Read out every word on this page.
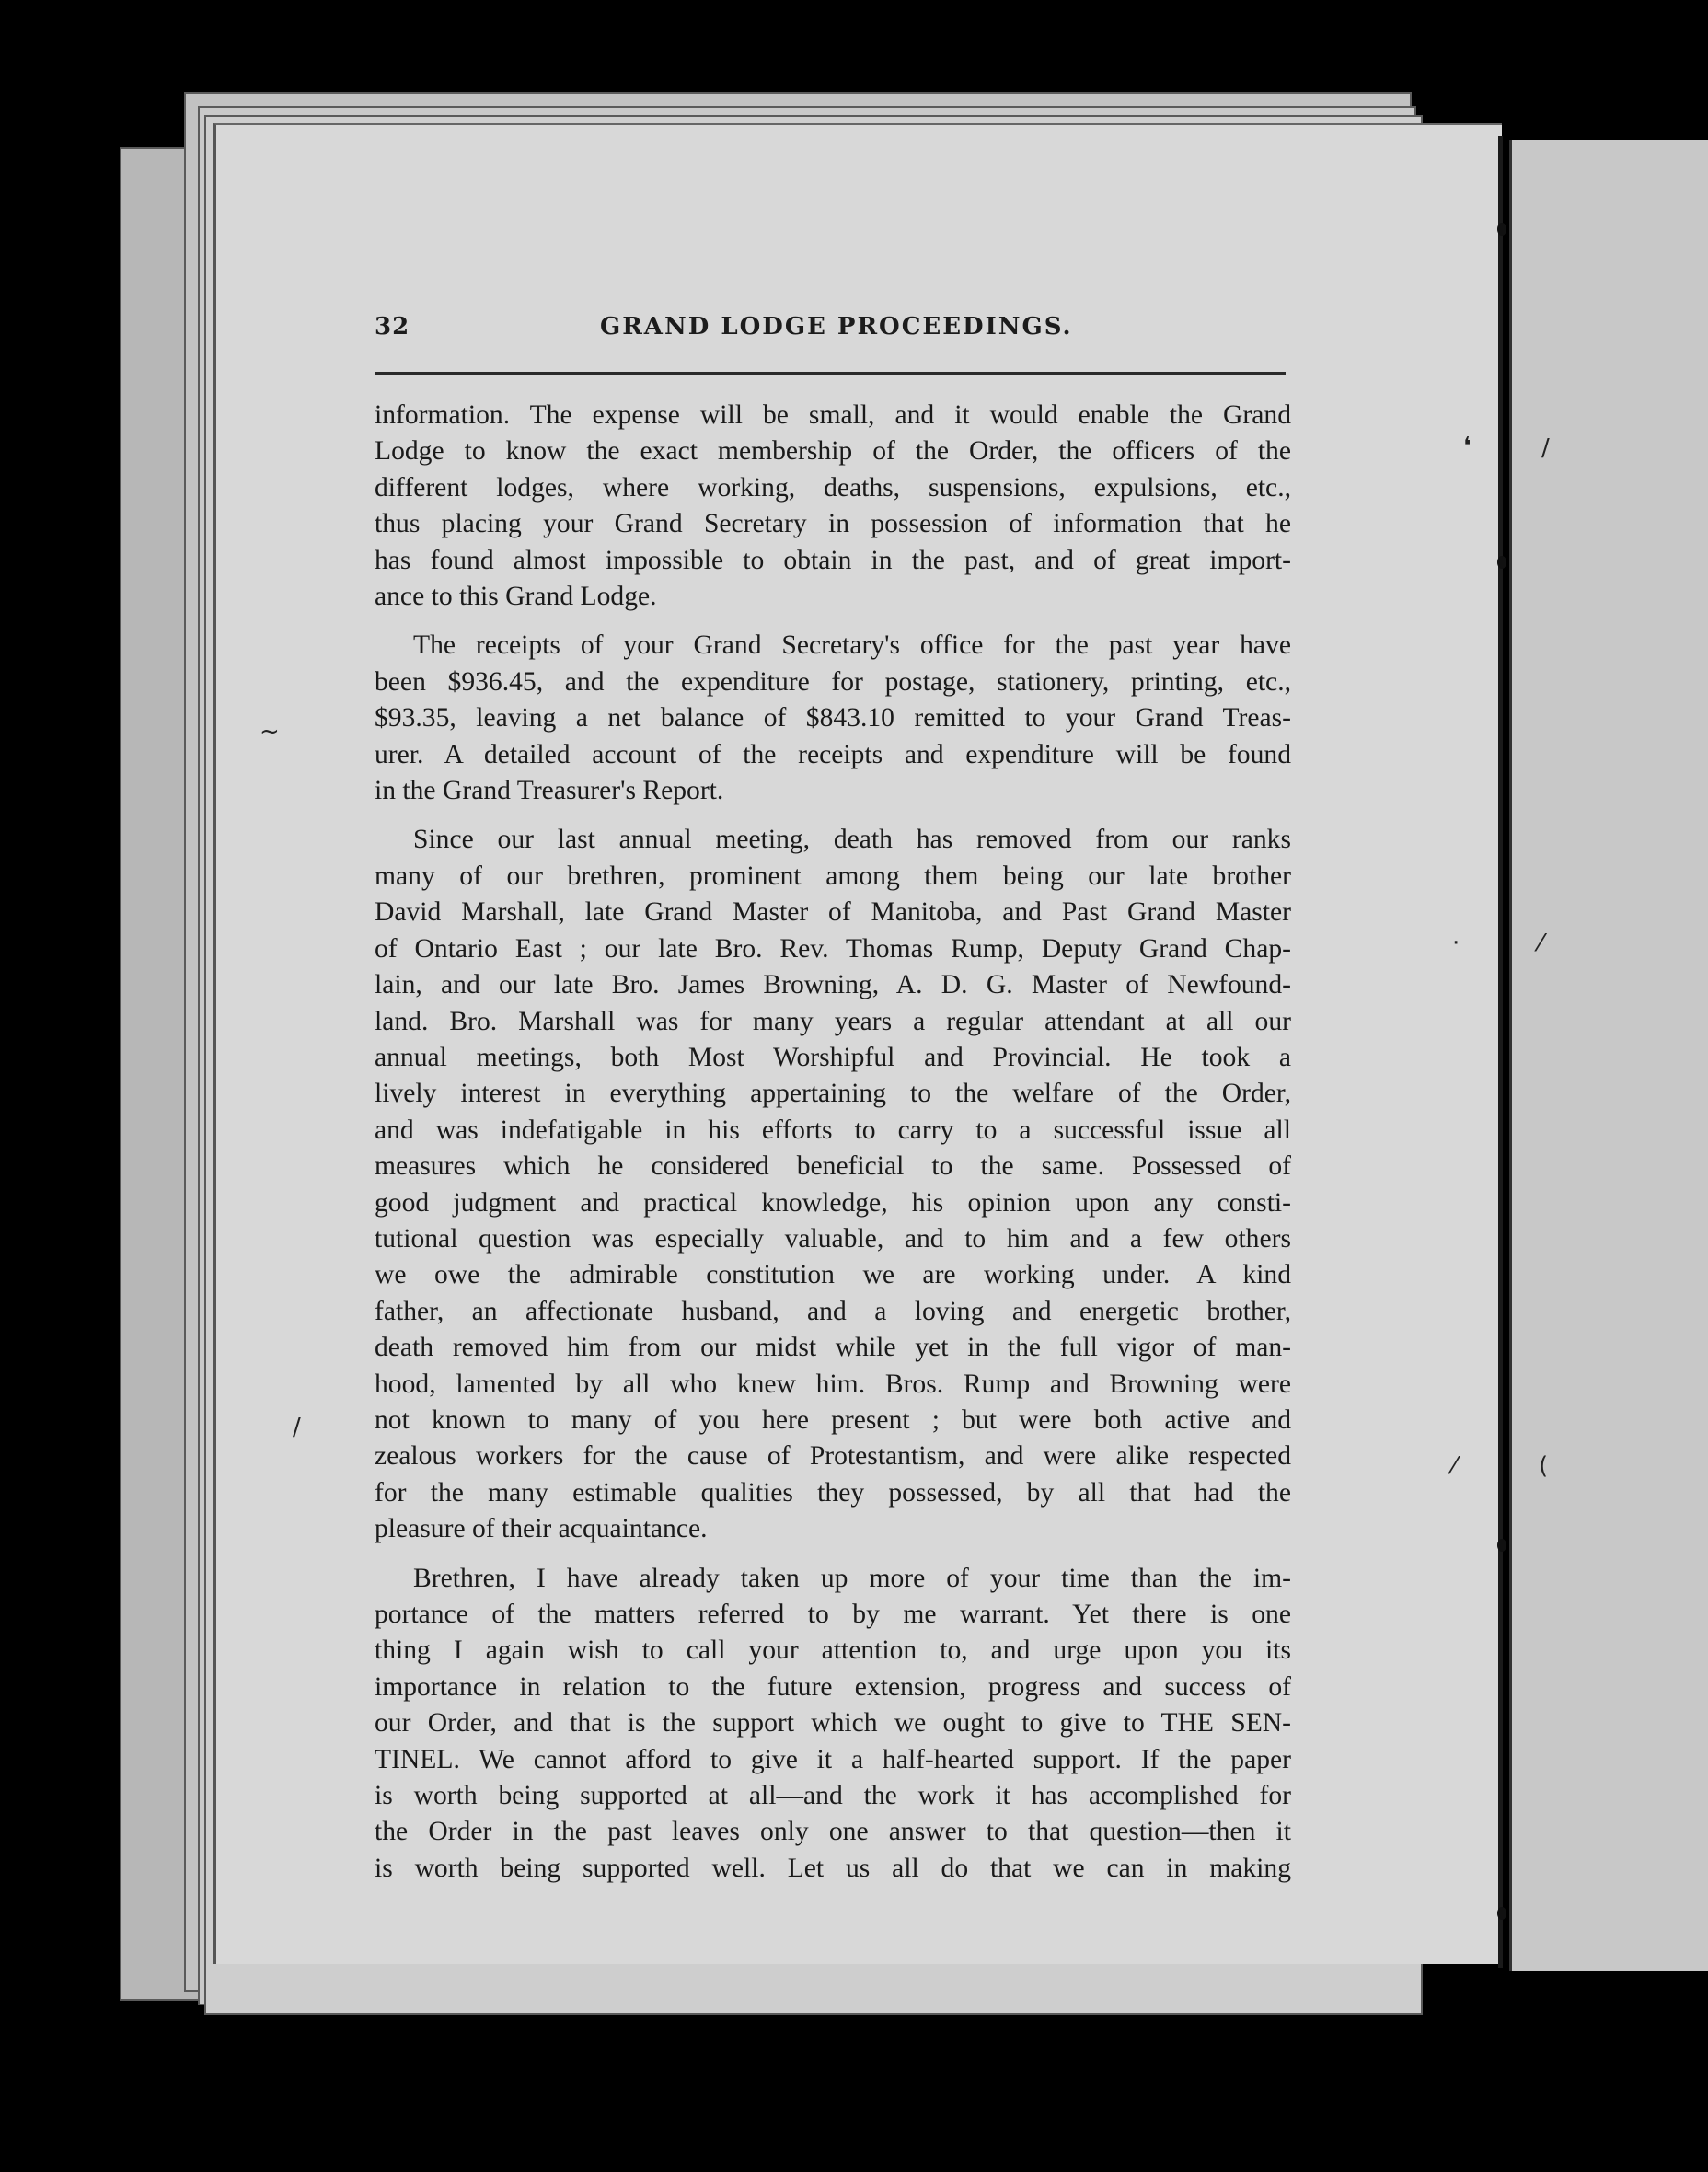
❛	/
·	⁄
⁄	(
~
/
32	GRAND LODGE PROCEEDINGS.

information. The expense will be small, and it would enable the Grand
Lodge to know the exact membership of the Order, the officers of the
different lodges, where working, deaths, suspensions, expulsions, etc.,
thus placing your Grand Secretary in possession of information that he
has found almost impossible to obtain in the past, and of great import-
ance to this Grand Lodge.

The receipts of your Grand Secretary's office for the past year have
been $936.45, and the expenditure for postage, stationery, printing, etc.,
$93.35, leaving a net balance of $843.10 remitted to your Grand Treas-
urer. A detailed account of the receipts and expenditure will be found
in the Grand Treasurer's Report.

Since our last annual meeting, death has removed from our ranks
many of our brethren, prominent among them being our late brother
David Marshall, late Grand Master of Manitoba, and Past Grand Master
of Ontario East ; our late Bro. Rev. Thomas Rump, Deputy Grand Chap-
lain, and our late Bro. James Browning, A. D. G. Master of Newfound-
land. Bro. Marshall was for many years a regular attendant at all our
annual meetings, both Most Worshipful and Provincial. He took a
lively interest in everything appertaining to the welfare of the Order,
and was indefatigable in his efforts to carry to a successful issue all
measures which he considered beneficial to the same. Possessed of
good judgment and practical knowledge, his opinion upon any consti-
tutional question was especially valuable, and to him and a few others
we owe the admirable constitution we are working under. A kind
father, an affectionate husband, and a loving and energetic brother,
death removed him from our midst while yet in the full vigor of man-
hood, lamented by all who knew him. Bros. Rump and Browning were
not known to many of you here present ; but were both active and
zealous workers for the cause of Protestantism, and were alike respected
for the many estimable qualities they possessed, by all that had the
pleasure of their acquaintance.

Brethren, I have already taken up more of your time than the im-
portance of the matters referred to by me warrant. Yet there is one
thing I again wish to call your attention to, and urge upon you its
importance in relation to the future extension, progress and success of
our Order, and that is the support which we ought to give to THE SEN-
TINEL. We cannot afford to give it a half-hearted support. If the paper
is worth being supported at all—and the work it has accomplished for
the Order in the past leaves only one answer to that question—then it
is worth being supported well. Let us all do that we can in making
